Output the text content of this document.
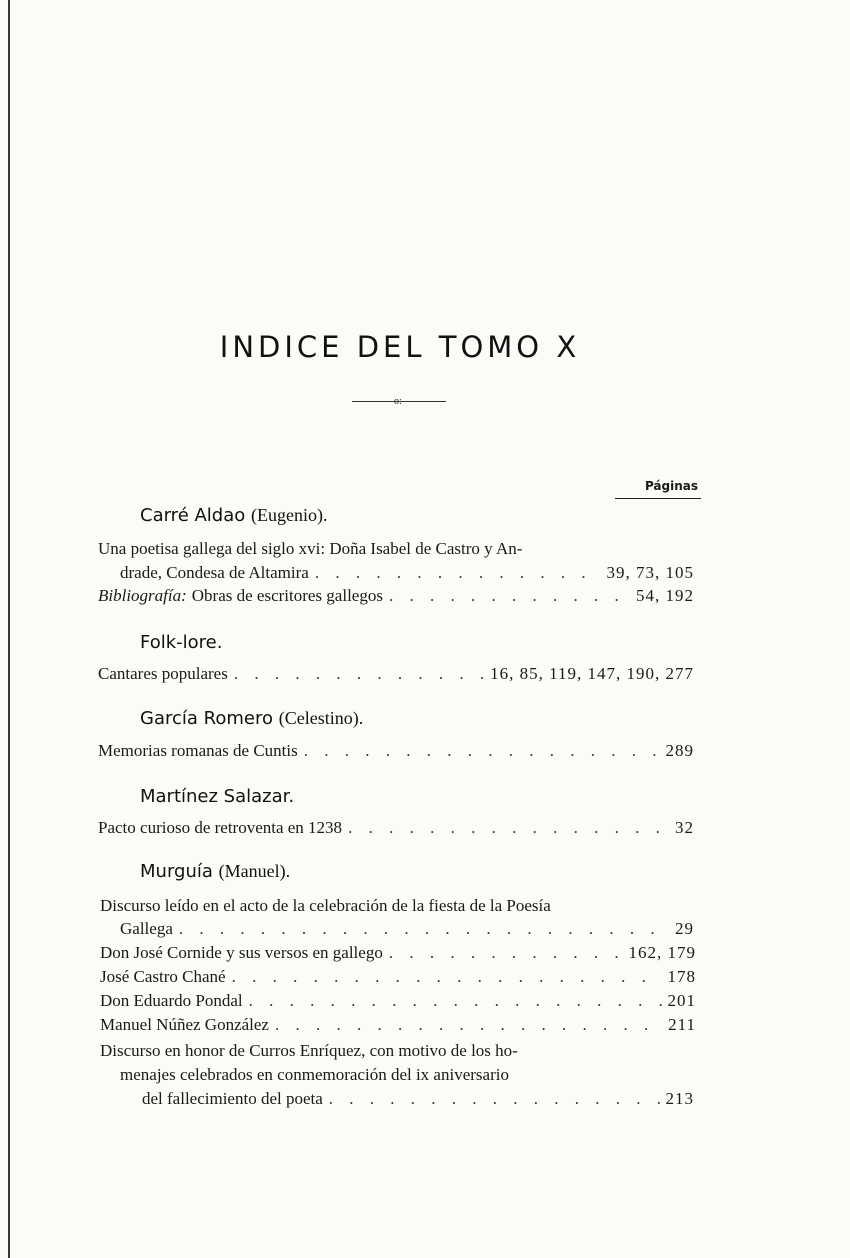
INDICE DEL TOMO X
o:
Páginas
Carré Aldao (Eugenio).
Una poetisa gallega del siglo xvi: Doña Isabel de Castro y An-
drade, Condesa de Altamira . . .	39, 73, 105
Bibliografía: Obras de escritores gallegos . . .	54, 192
Folk-lore.
Cantares populares . . .	16, 85, 119, 147, 190, 277
García Romero (Celestino).
Memorias romanas de Cuntis . . .	289
Martínez Salazar.
Pacto curioso de retroventa en 1238 . . .	32
Murguía (Manuel).
Discurso leído en el acto de la celebración de la fiesta de la Poesía
Gallega . . .	29
Don José Cornide y sus versos en gallego . . .	162, 179
José Castro Chané . . .	178
Don Eduardo Pondal . . .	201
Manuel Núñez González . . .	211
Discurso en honor de Curros Enríquez, con motivo de los ho-
menajes celebrados en conmemoración del ix aniversario
del fallecimiento del poeta . . .	213
